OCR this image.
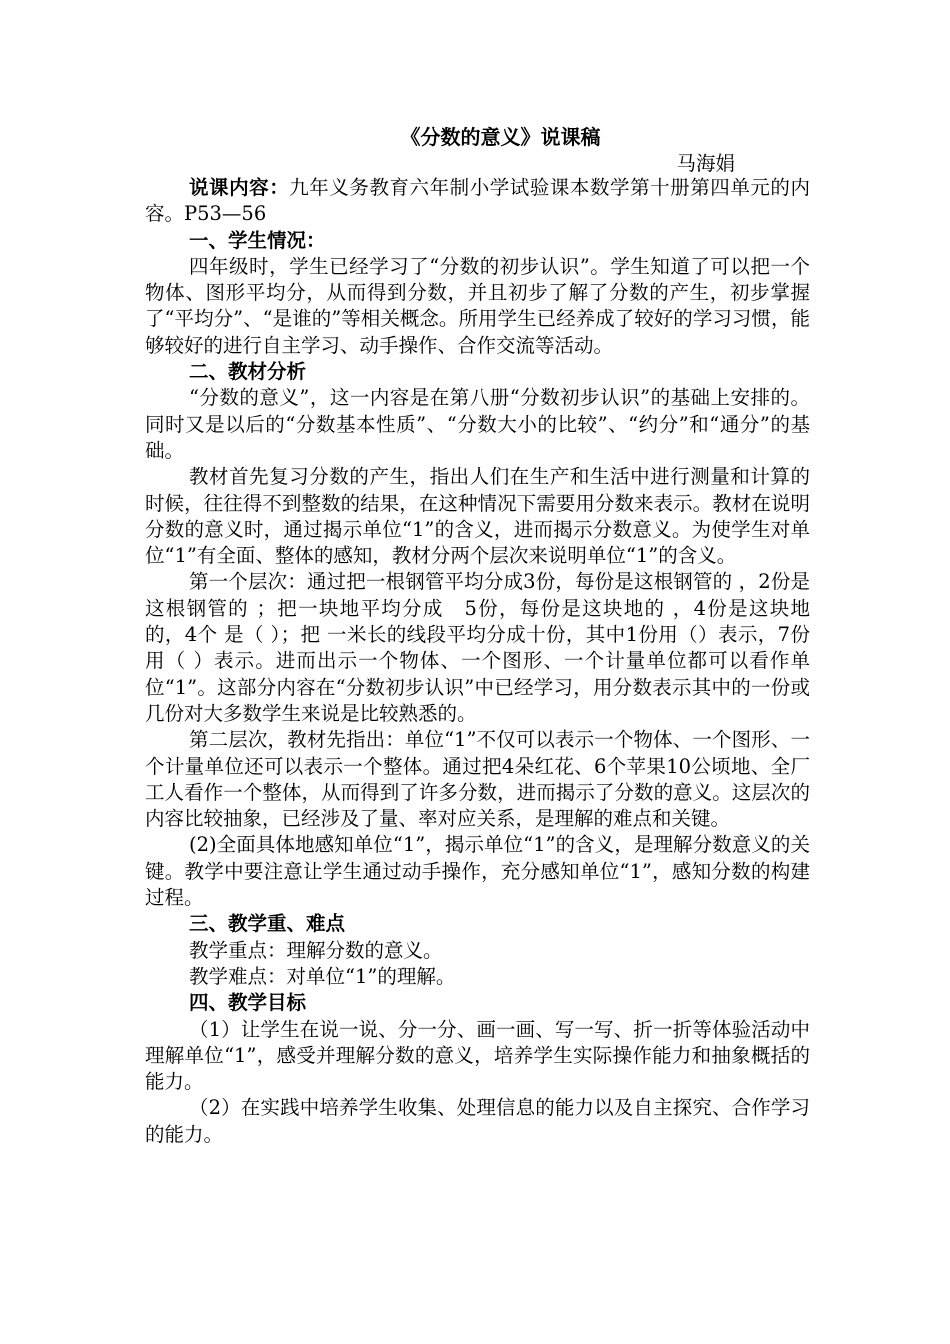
《分数的意义》说课稿
马海娟

说课内容：九年义务教育六年制小学试验课本数学第十册第四单元的内容。P53—56

一、学生情况：

四年级时，学生已经学习了“分数的初步认识”。学生知道了可以把一个物体、图形平均分，从而得到分数，并且初步了解了分数的产生，初步掌握了“平均分”、“是谁的”等相关概念。所用学生已经养成了较好的学习习惯，能够较好的进行自主学习、动手操作、合作交流等活动。

二、教材分析

“分数的意义”，这一内容是在第八册“分数初步认识”的基础上安排的。同时又是以后的“分数基本性质”、“分数大小的比较”、“约分”和“通分”的基础。

教材首先复习分数的产生，指出人们在生产和生活中进行测量和计算的时候，往往得不到整数的结果，在这种情况下需要用分数来表示。教材在说明分数的意义时，通过揭示单位“1”的含义，进而揭示分数意义。为使学生对单位“1”有全面、整体的感知，教材分两个层次来说明单位“1”的含义。

第一个层次：通过把一根钢管平均分成3份，每份是这根钢管的 ，2份是这根钢管的 ；把一块地平均分成　5份，每份是这块地的 ，4份是这块地 的，4个 是（ ）；把 一米长的线段平均分成十份，其中1份用（）表示，7份用（ ）表示。进而出示一个物体、一个图形、一个计量单位都可以看作单位“1”。这部分内容在“分数初步认识”中已经学习，用分数表示其中的一份或几份对大多数学生来说是比较熟悉的。

第二层次，教材先指出：单位“1”不仅可以表示一个物体、一个图形、一个计量单位还可以表示一个整体。通过把4朵红花、6个苹果10公顷地、全厂工人看作一个整体，从而得到了许多分数，进而揭示了分数的意义。这层次的内容比较抽象，已经涉及了量、率对应关系，是理解的难点和关键。

(2)全面具体地感知单位“1”，揭示单位“1”的含义，是理解分数意义的关键。教学中要注意让学生通过动手操作，充分感知单位“1”，感知分数的构建过程。

三、教学重、难点

教学重点：理解分数的意义。

教学难点：对单位“1”的理解。

四、教学目标

（1）让学生在说一说、分一分、画一画、写一写、折一折等体验活动中理解单位“1”，感受并理解分数的意义，培养学生实际操作能力和抽象概括的能力。

（2）在实践中培养学生收集、处理信息的能力以及自主探究、合作学习的能力。
